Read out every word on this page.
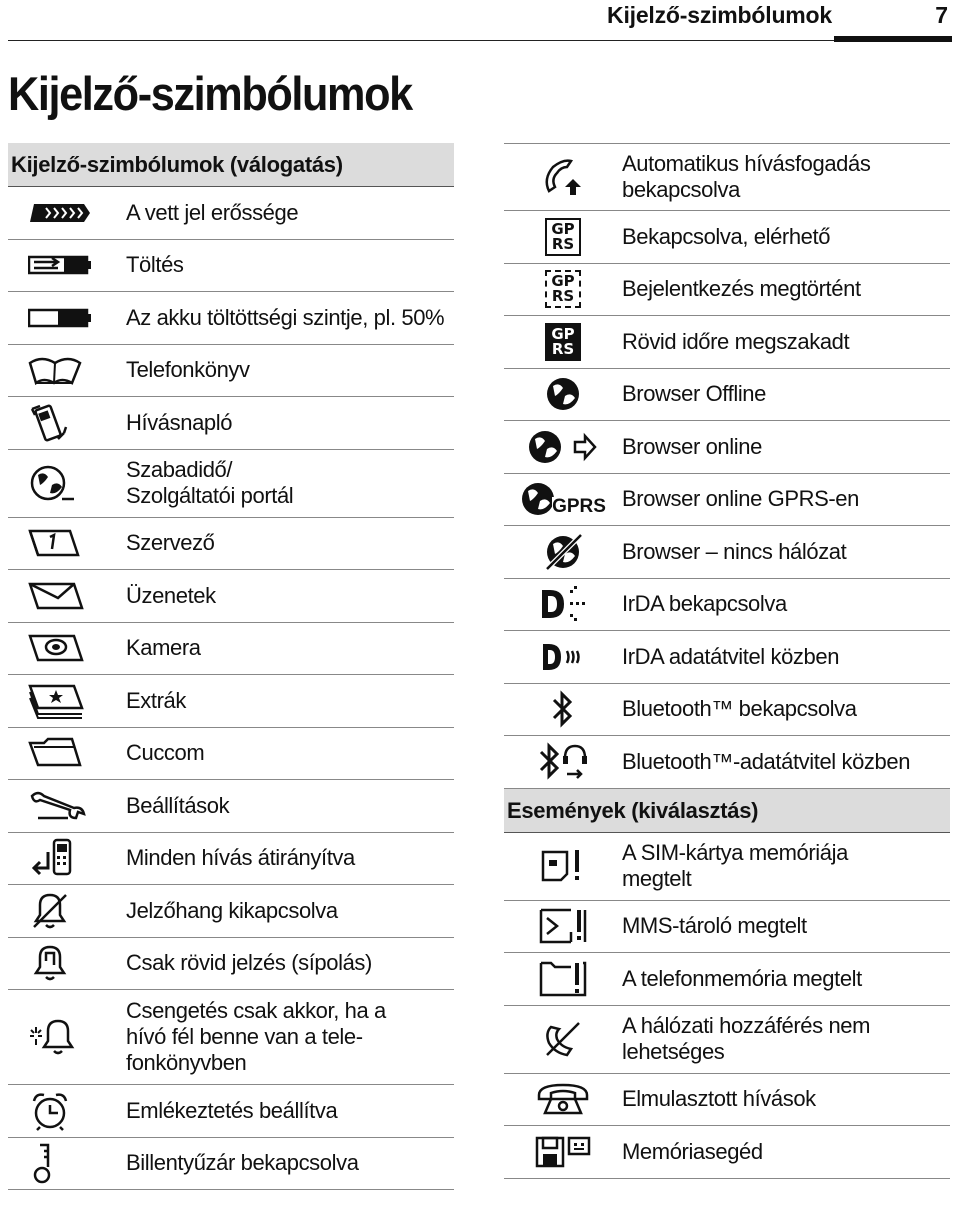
Kijelző-szimbólumok	7
Kijelző-szimbólumok
Kijelző-szimbólumok (válogatás)
A vett jel erőssége
Töltés
Az akku töltöttségi szintje, pl. 50%
Telefonkönyv
Hívásnapló
Szabadidő/
Szolgáltatói portál
Szervező
Üzenetek
Kamera
Extrák
Cuccom
Beállítások
Minden hívás átirányítva
Jelzőhang kikapcsolva
Csak rövid jelzés (sípolás)
Csengetés csak akkor, ha a
hívó fél benne van a tele-
fonkönyvben
Emlékeztetés beállítva
Billentyűzár bekapcsolva
Automatikus hívásfogadás
bekapcsolva
GP
RS Bekapcsolva, elérhető
GP
RS Bejelentkezés megtörtént
GP
RS Rövid időre megszakadt
Browser Offline
Browser online
GPRS Browser online GPRS-en
Browser – nincs hálózat
IrDA bekapcsolva
IrDA adatátvitel közben
Bluetooth™ bekapcsolva
Bluetooth™-adatátvitel közben
Események (kiválasztás)
A SIM-kártya memóriája
megtelt
MMS-tároló megtelt
A telefonmemória megtelt
A hálózati hozzáférés nem
lehetséges
Elmulasztott hívások
Memóriasegéd
